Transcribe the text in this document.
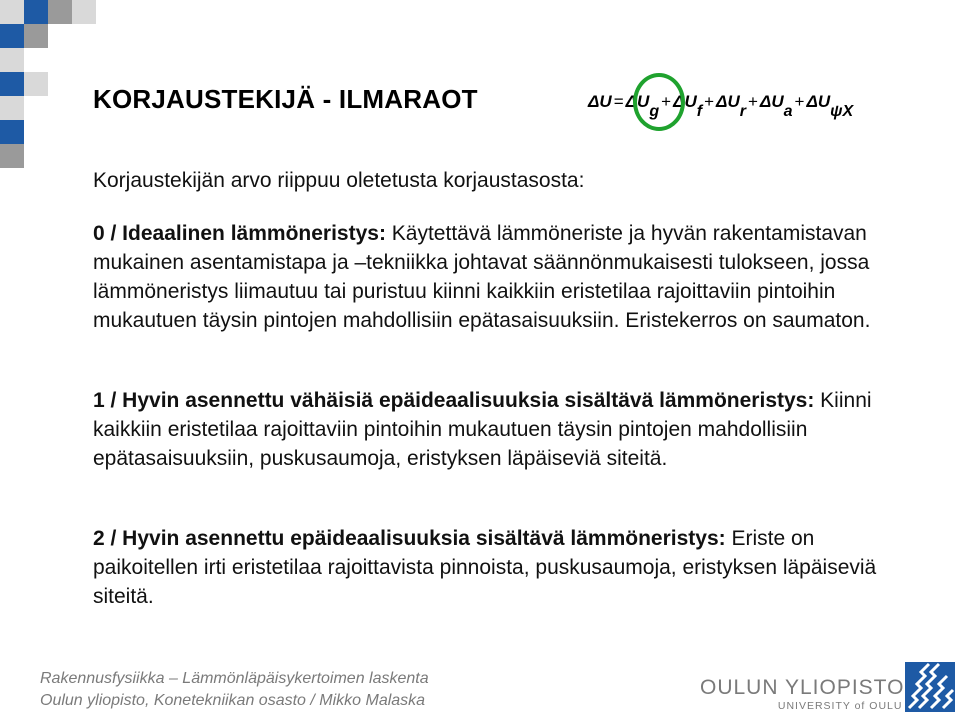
KORJAUSTEKIJÄ - ILMARAOT	ΔU = ΔUg+ ΔUf+ ΔUr+ ΔUa+ ΔUψX
Korjaustekijän arvo riippuu oletetusta korjaustasosta:
0 / Ideaalinen lämmöneristys: Käytettävä lämmöneriste ja hyvän rakentamistavan mukainen asentamistapa ja –tekniikka johtavat säännönmukaisesti tulokseen, jossa lämmöneristys liimautuu tai puristuu kiinni kaikkiin eristetilaa rajoittaviin pintoihin mukautuen täysin pintojen mahdollisiin epätasaisuuksiin. Eristekerros on saumaton.
1 / Hyvin asennettu vähäisiä epäideaalisuuksia sisältävä lämmöneristys: Kiinni kaikkiin eristetilaa rajoittaviin pintoihin mukautuen täysin pintojen mahdollisiin epätasaisuuksiin, puskusaumoja, eristyksen läpäiseviä siteitä.
2 / Hyvin asennettu epäideaalisuuksia sisältävä lämmöneristys: Eriste on paikoitellen irti eristetilaa rajoittavista pinnoista, puskusaumoja, eristyksen läpäiseviä siteitä.
Rakennusfysiikka – Lämmönläpäisykertoimen laskenta
Oulun yliopisto, Konetekniikan osasto / Mikko Malaska
OULUN YLIOPISTO
UNIVERSITY of OULU
